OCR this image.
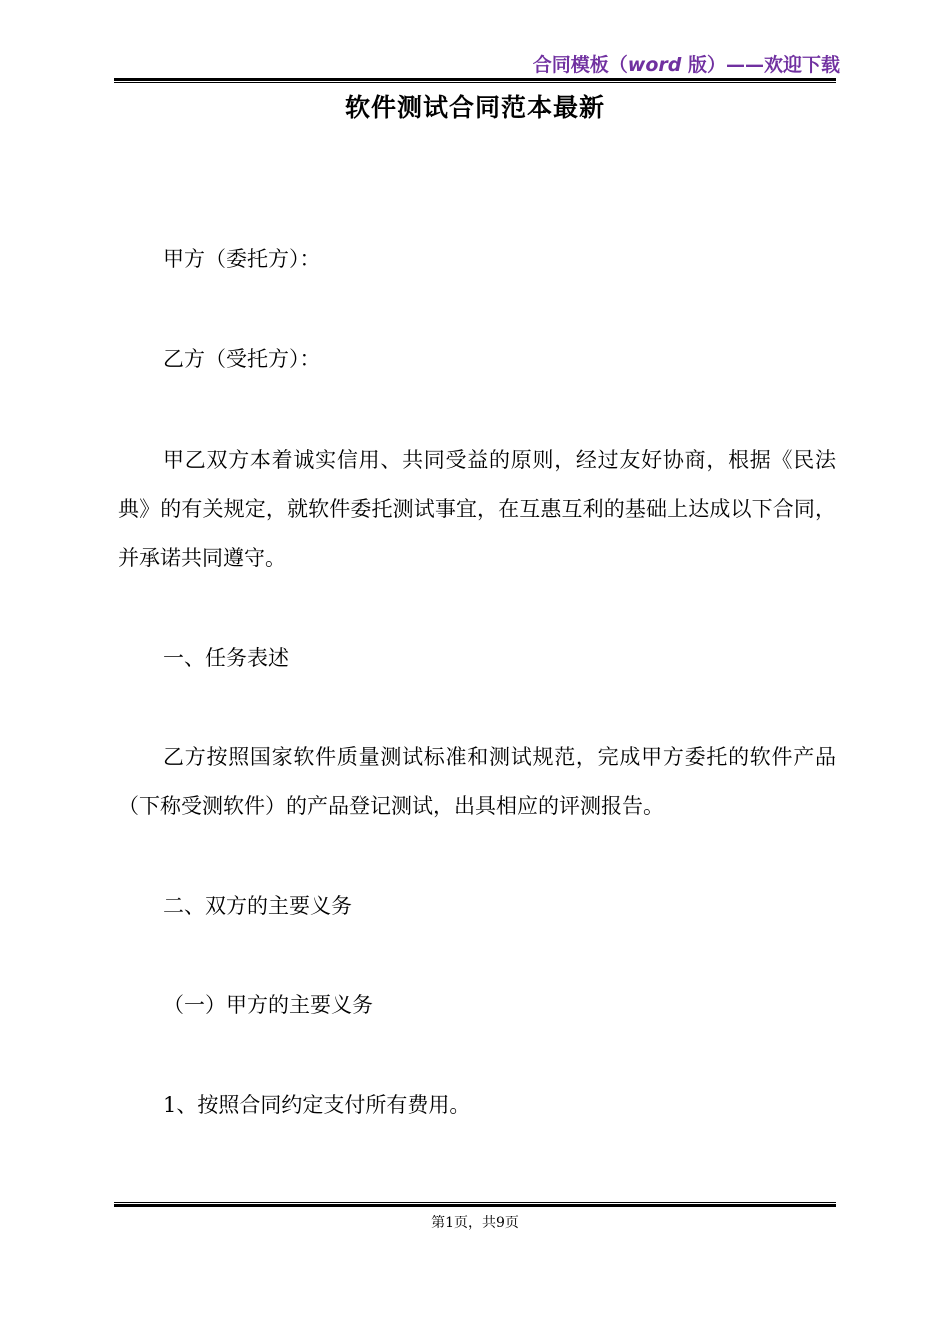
合同模板（word 版）——欢迎下载
软件测试合同范本最新
甲方（委托方）：
乙方（受托方）：
甲乙双方本着诚实信用、共同受益的原则，经过友好协商，根据《民法典》的有关规定，就软件委托测试事宜，在互惠互利的基础上达成以下合同，并承诺共同遵守。
一、任务表述
乙方按照国家软件质量测试标准和测试规范，完成甲方委托的软件产品（下称受测软件）的产品登记测试，出具相应的评测报告。
二、双方的主要义务
（一）甲方的主要义务
1、按照合同约定支付所有费用。
第1页，共9页
